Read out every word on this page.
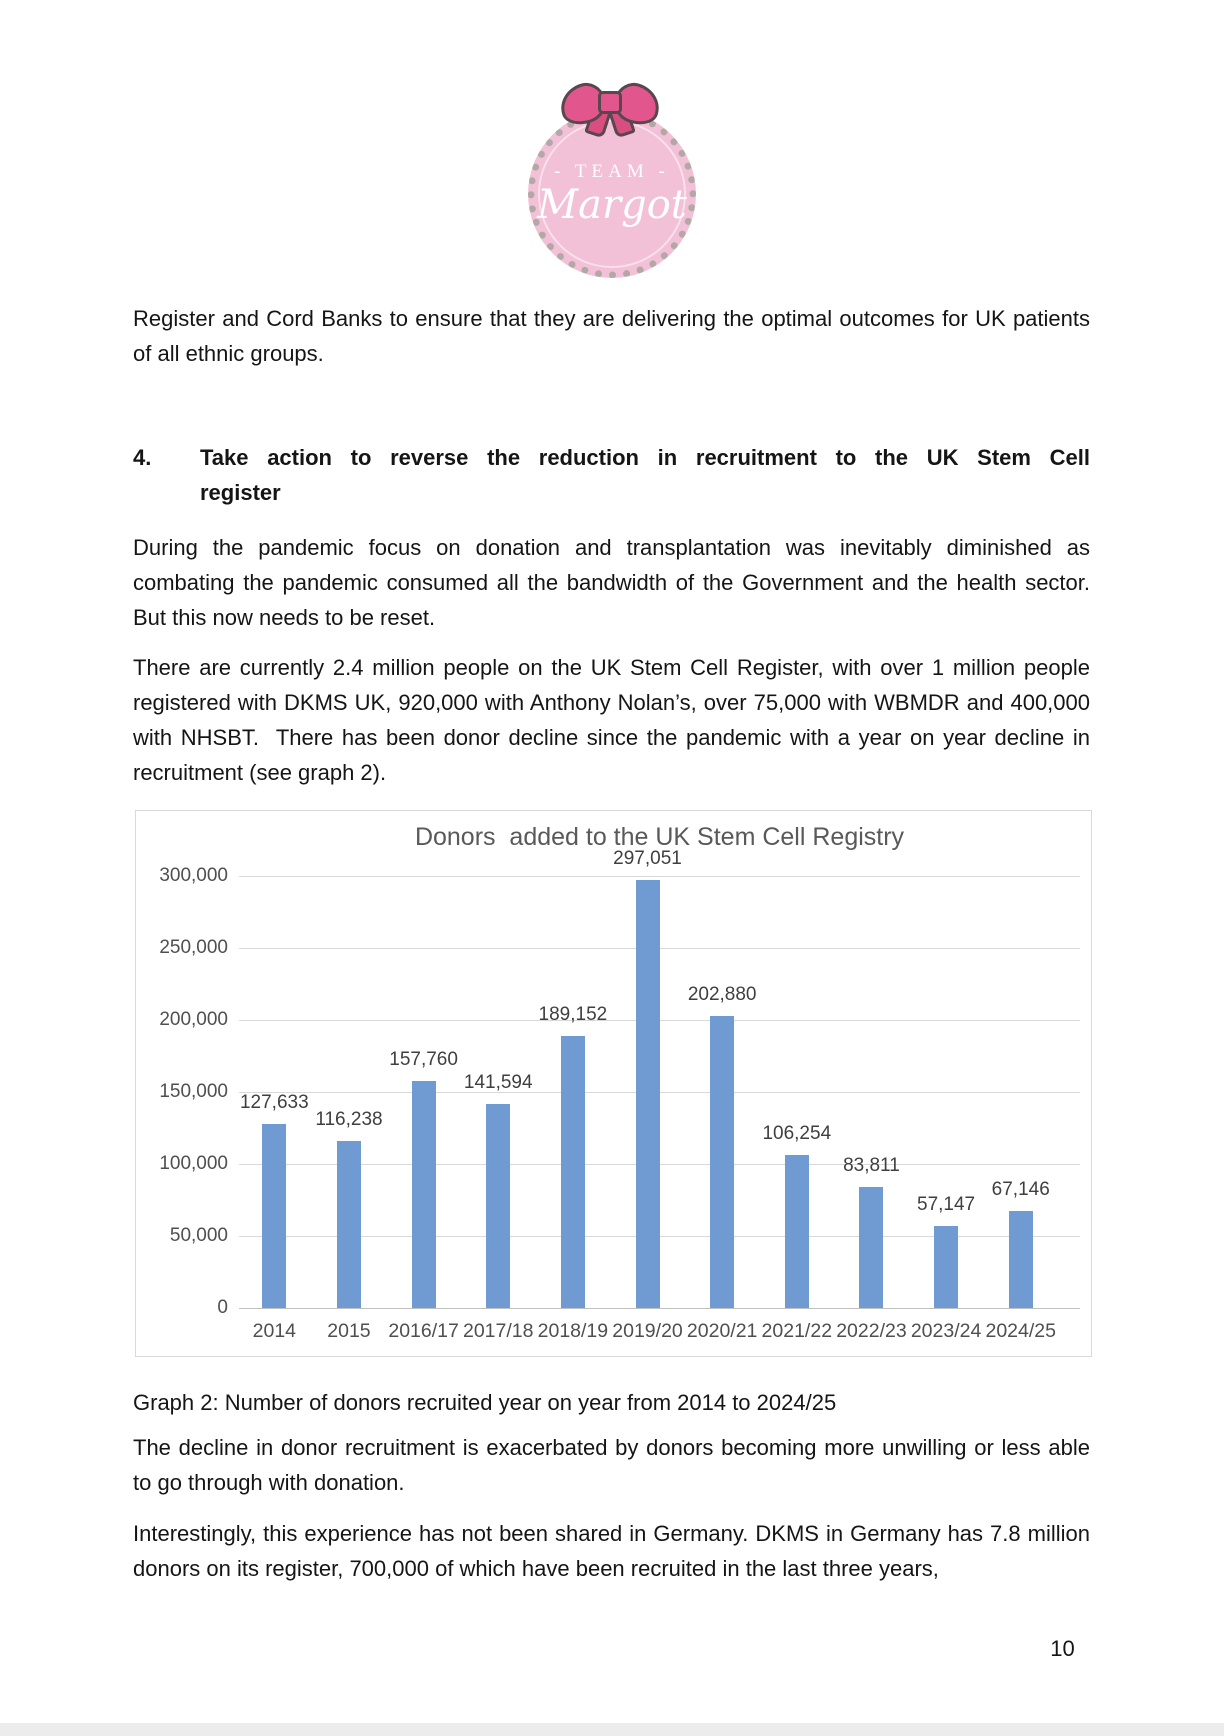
- TEAM -
Margot
Register and Cord Banks to ensure that they are delivering the optimal outcomes for UK patients of all ethnic groups.
4. Take action to reverse the reduction in recruitment to the UK Stem Cell
register
During the pandemic focus on donation and transplantation was inevitably diminished as combating the pandemic consumed all the bandwidth of the Government and the health sector.  But this now needs to be reset.
There are currently 2.4 million people on the UK Stem Cell Register, with over 1 million people registered with DKMS UK, 920,000 with Anthony Nolan’s, over 75,000 with WBMDR and 400,000 with NHSBT.  There has been donor decline since the pandemic with a year on year decline in recruitment (see graph 2).
Donors  added to the UK Stem Cell Registry
300,000
250,000
200,000
150,000
100,000
50,000
0
127,633
116,238
157,760
141,594
189,152
297,051
202,880
106,254
83,811
57,147
67,146
2014	2015 2016/17 2017/18 2018/19 2019/20 2020/21 2021/22 2022/23 2023/24 2024/25
Graph 2: Number of donors recruited year on year from 2014 to 2024/25
The decline in donor recruitment is exacerbated by donors becoming more unwilling or less able to go through with donation.
Interestingly, this experience has not been shared in Germany. DKMS in Germany has 7.8 million donors on its register, 700,000 of which have been recruited in the last three years,
10
